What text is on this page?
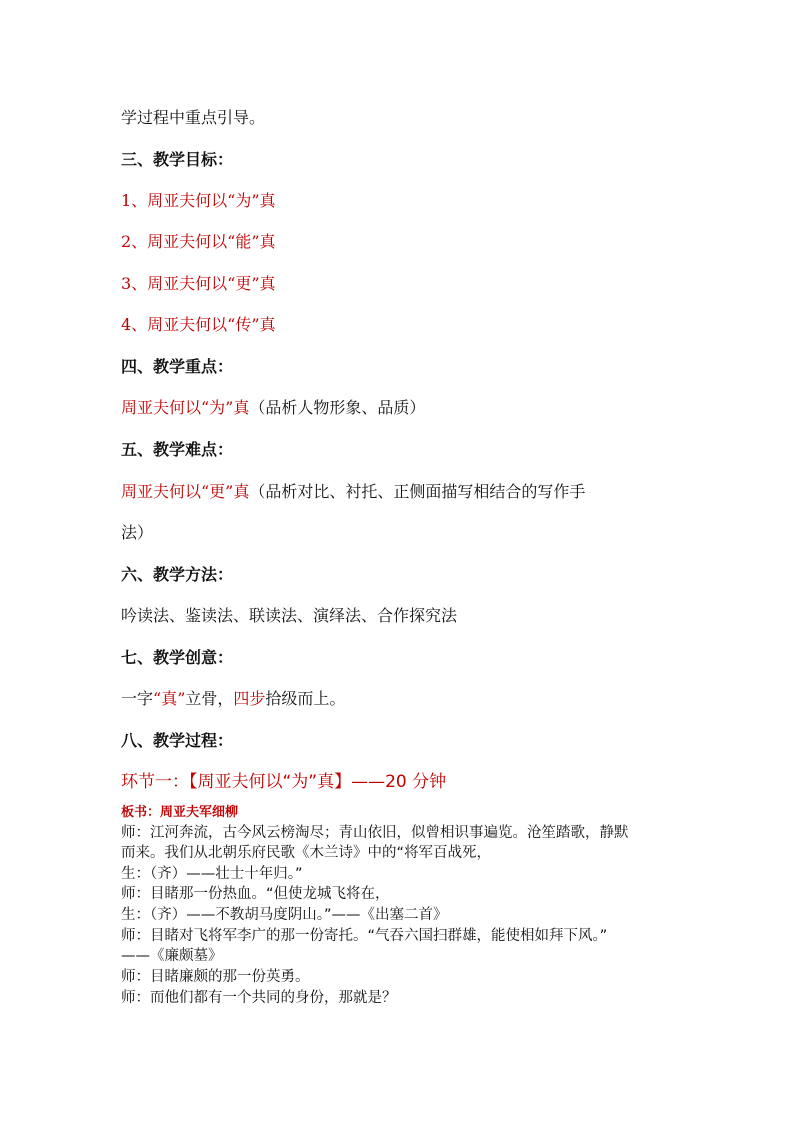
学过程中重点引导。
三、教学目标：
1、周亚夫何以“为”真
2、周亚夫何以“能”真
3、周亚夫何以“更”真
4、周亚夫何以“传”真
四、教学重点：
周亚夫何以“为”真（品析人物形象、品质）
五、教学难点：
周亚夫何以“更”真（品析对比、衬托、正侧面描写相结合的写作手
法）
六、教学方法：
吟读法、鉴读法、联读法、演绎法、合作探究法
七、教学创意：
一字“真”立骨，四步拾级而上。
八、教学过程：
环节一：【周亚夫何以“为”真】——20 分钟
板书：周亚夫军细柳
师：江河奔流，古今风云榜淘尽；青山依旧，似曾相识事遍览。沧笙踏歌，静默
而来。我们从北朝乐府民歌《木兰诗》中的“将军百战死，
生：（齐）——壮士十年归。”
师：目睹那一份热血。“但使龙城飞将在，
生：（齐）——不教胡马度阴山。”——《出塞二首》
师：目睹对飞将军李广的那一份寄托。“气吞六国扫群雄，能使相如拜下风。”
——《廉颇墓》
师：目睹廉颇的那一份英勇。
师：而他们都有一个共同的身份，那就是？
